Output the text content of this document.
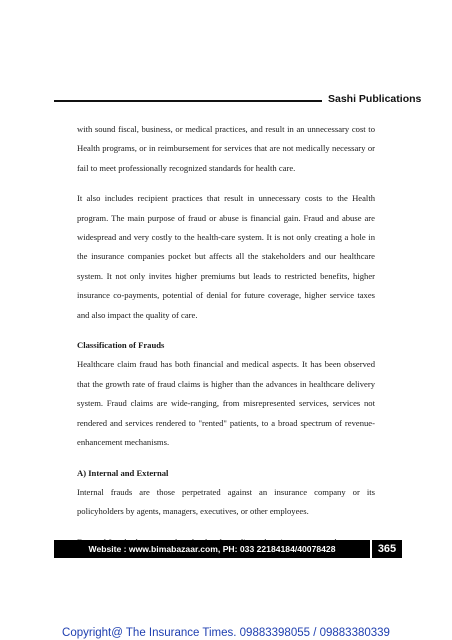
Sashi Publications

with sound fiscal, business, or medical practices, and result in an unnecessary cost to Health programs, or in reimbursement for services that are not medically necessary or fail to meet professionally recognized standards for health care.

It also includes recipient practices that result in unnecessary costs to the Health program. The main purpose of fraud or abuse is financial gain. Fraud and abuse are widespread and very costly to the health-care system. It is not only creating a hole in the insurance companies pocket but affects all the stakeholders and our healthcare system. It not only invites higher premiums but leads to restricted benefits, higher insurance co-payments, potential of denial for future coverage, higher service taxes and also impact the quality of care.

Classification of Frauds

Healthcare claim fraud has both financial and medical aspects. It has been observed that the growth rate of fraud claims is higher than the advances in healthcare delivery system. Fraud claims are wide-ranging, from misrepresented services, services not rendered and services rendered to "rented" patients, to a broad spectrum of revenue-enhancement mechanisms.

A) Internal and External

Internal frauds are those perpetrated against an insurance company or its policyholders by agents, managers, executives, or other employees.

Website : www.bimabazaar.com, PH: 033 22184184/40078428	365
Copyright@ The Insurance Times. 09883398055 / 09883380339
